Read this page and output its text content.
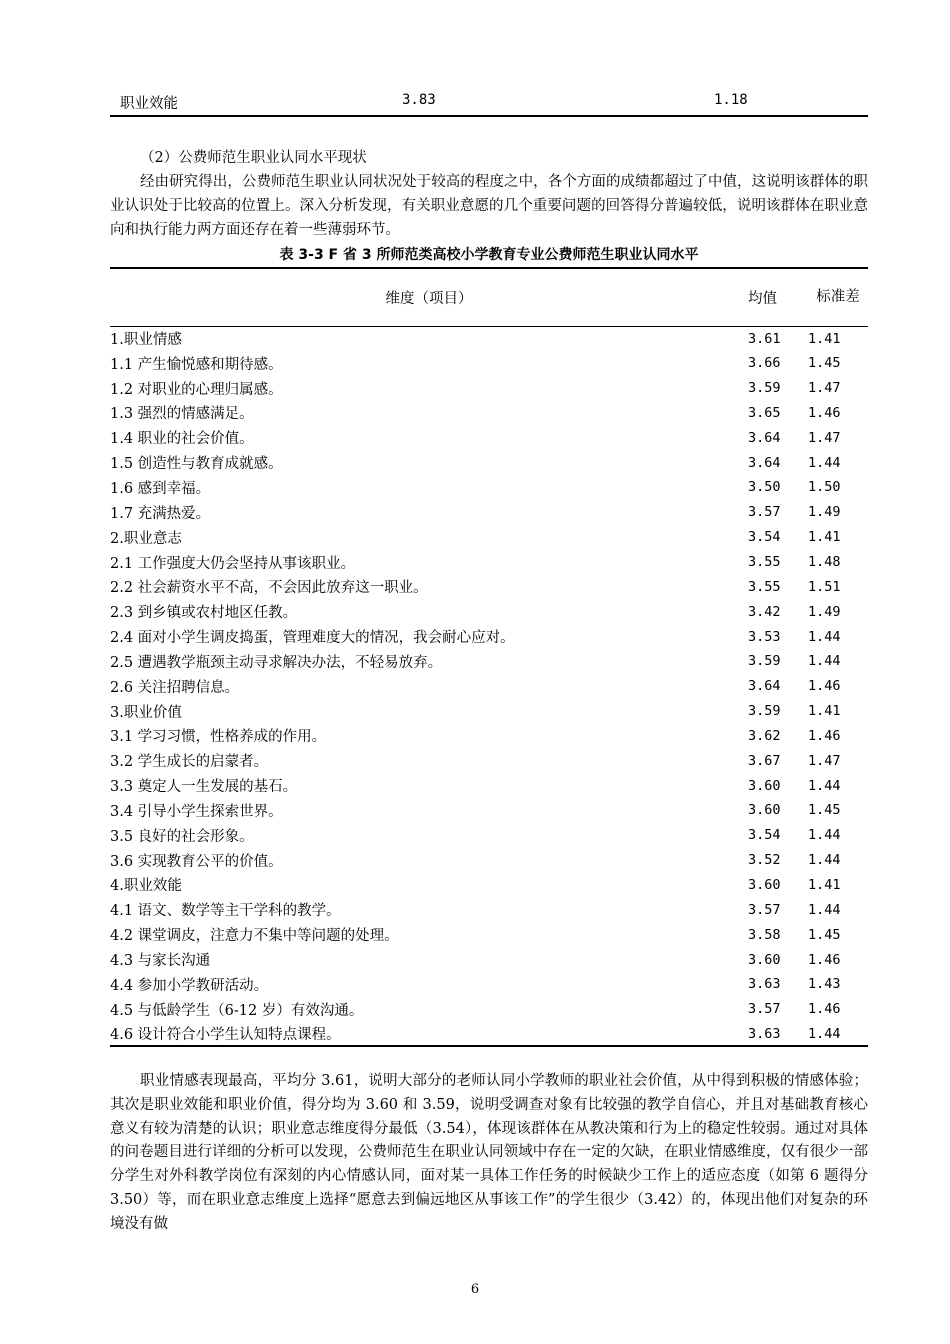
职业效能	3.83	1.18

（2）公费师范生职业认同水平现状

经由研究得出，公费师范生职业认同状况处于较高的程度之中，各个方面的成绩都超过了中值，这说明该群体的职业认识处于比较高的位置上。深入分析发现，有关职业意愿的几个重要问题的回答得分普遍较低，说明该群体在职业意向和执行能力两方面还存在着一些薄弱环节。

表 3-3 F 省 3 所师范类高校小学教育专业公费师范生职业认同水平
维度（项目）	均值	标准差
1.职业情感	3.61	1.41
1.1 产生愉悦感和期待感。	3.66	1.45
1.2 对职业的心理归属感。	3.59	1.47
1.3 强烈的情感满足。	3.65	1.46
1.4 职业的社会价值。	3.64	1.47
1.5 创造性与教育成就感。	3.64	1.44
1.6 感到幸福。	3.50	1.50
1.7 充满热爱。	3.57	1.49
2.职业意志	3.54	1.41
2.1 工作强度大仍会坚持从事该职业。	3.55	1.48
2.2 社会薪资水平不高，不会因此放弃这一职业。	3.55	1.51
2.3 到乡镇或农村地区任教。	3.42	1.49
2.4 面对小学生调皮捣蛋，管理难度大的情况，我会耐心应对。	3.53	1.44
2.5 遭遇教学瓶颈主动寻求解决办法，不轻易放弃。	3.59	1.44
2.6 关注招聘信息。	3.64	1.46
3.职业价值	3.59	1.41
3.1 学习习惯，性格养成的作用。	3.62	1.46
3.2 学生成长的启蒙者。	3.67	1.47
3.3 奠定人一生发展的基石。	3.60	1.44
3.4 引导小学生探索世界。	3.60	1.45
3.5 良好的社会形象。	3.54	1.44
3.6 实现教育公平的价值。	3.52	1.44
4.职业效能	3.60	1.41
4.1 语文、数学等主干学科的教学。	3.57	1.44
4.2 课堂调皮，注意力不集中等问题的处理。	3.58	1.45
4.3 与家长沟通	3.60	1.46
4.4 参加小学教研活动。	3.63	1.43
4.5 与低龄学生（6-12 岁）有效沟通。	3.57	1.46
4.6 设计符合小学生认知特点课程。	3.63	1.44

职业情感表现最高，平均分 3.61，说明大部分的老师认同小学教师的职业社会价值，从中得到积极的情感体验；其次是职业效能和职业价值，得分均为 3.60 和 3.59，说明受调查对象有比较强的教学自信心，并且对基础教育核心意义有较为清楚的认识；职业意志维度得分最低（3.54），体现该群体在从教决策和行为上的稳定性较弱。通过对具体的问卷题目进行详细的分析可以发现，公费师范生在职业认同领域中存在一定的欠缺，在职业情感维度，仅有很少一部分学生对外科教学岗位有深刻的内心情感认同，面对某一具体工作任务的时候缺少工作上的适应态度（如第 6 题得分 3.50）等，而在职业意志维度上选择“愿意去到偏远地区从事该工作”的学生很少（3.42）的，体现出他们对复杂的环境没有做

6
